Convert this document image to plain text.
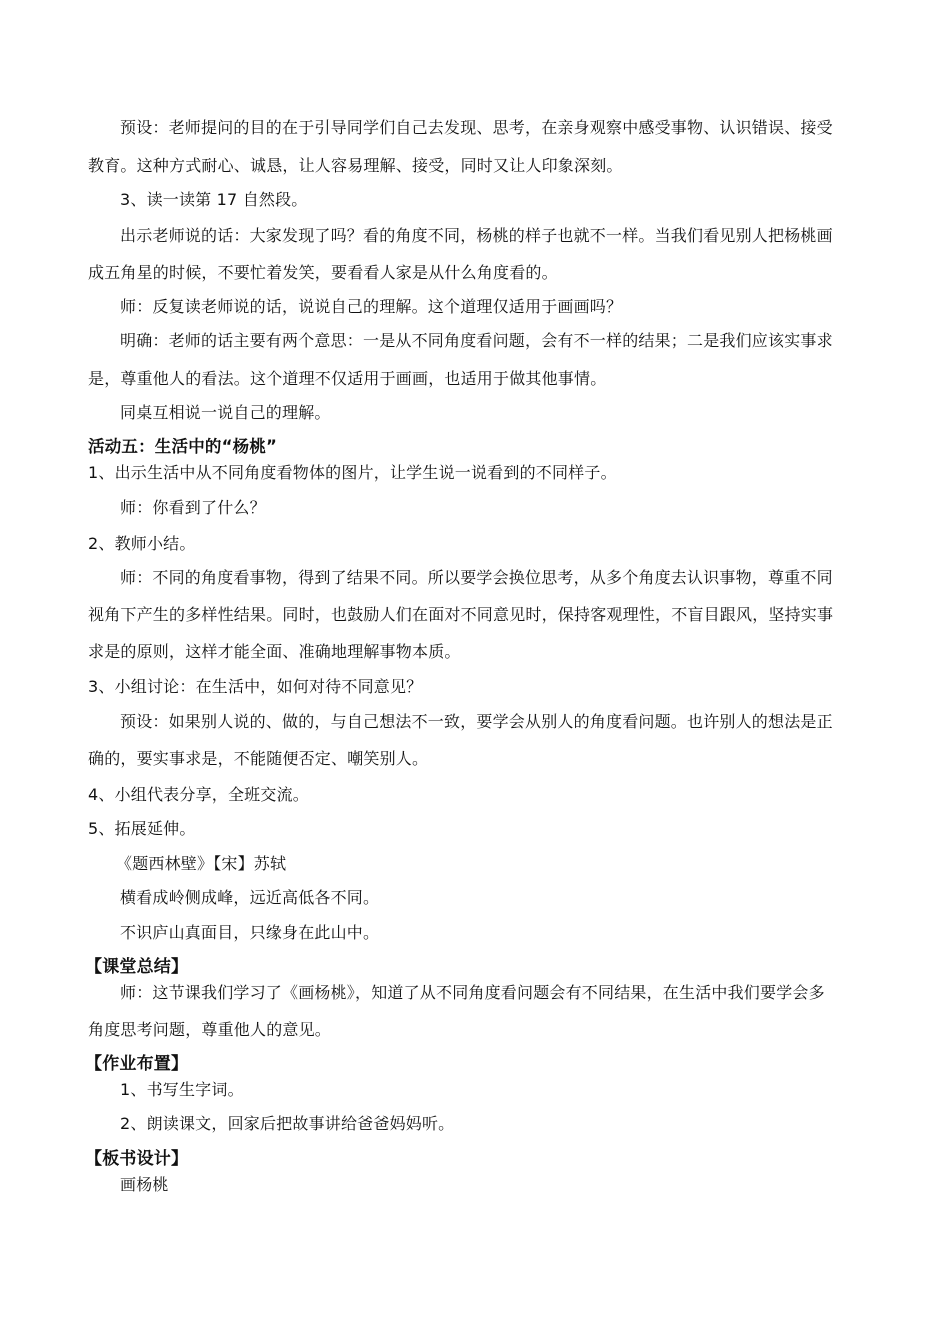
预设：老师提问的目的在于引导同学们自己去发现、思考，在亲身观察中感受事物、认识错误、接受
教育。这种方式耐心、诚恳，让人容易理解、接受，同时又让人印象深刻。
3、读一读第 17 自然段。
出示老师说的话：大家发现了吗？看的角度不同，杨桃的样子也就不一样。当我们看见别人把杨桃画
成五角星的时候，不要忙着发笑，要看看人家是从什么角度看的。
师：反复读老师说的话，说说自己的理解。这个道理仅适用于画画吗？
明确：老师的话主要有两个意思：一是从不同角度看问题，会有不一样的结果；二是我们应该实事求
是，尊重他人的看法。这个道理不仅适用于画画，也适用于做其他事情。
同桌互相说一说自己的理解。
活动五：生活中的“杨桃”
1、出示生活中从不同角度看物体的图片，让学生说一说看到的不同样子。
师：你看到了什么？
2、教师小结。
师：不同的角度看事物，得到了结果不同。所以要学会换位思考，从多个角度去认识事物，尊重不同
视角下产生的多样性结果。同时，也鼓励人们在面对不同意见时，保持客观理性，不盲目跟风，坚持实事
求是的原则，这样才能全面、准确地理解事物本质。
3、小组讨论：在生活中，如何对待不同意见？
预设：如果别人说的、做的，与自己想法不一致，要学会从别人的角度看问题。也许别人的想法是正
确的，要实事求是，不能随便否定、嘲笑别人。
4、小组代表分享，全班交流。
5、拓展延伸。
《题西林壁》【宋】苏轼
横看成岭侧成峰，远近高低各不同。
不识庐山真面目，只缘身在此山中。
【课堂总结】
师：这节课我们学习了《画杨桃》，知道了从不同角度看问题会有不同结果，在生活中我们要学会多
角度思考问题，尊重他人的意见。
【作业布置】
1、书写生字词。
2、朗读课文，回家后把故事讲给爸爸妈妈听。
【板书设计】
画杨桃
